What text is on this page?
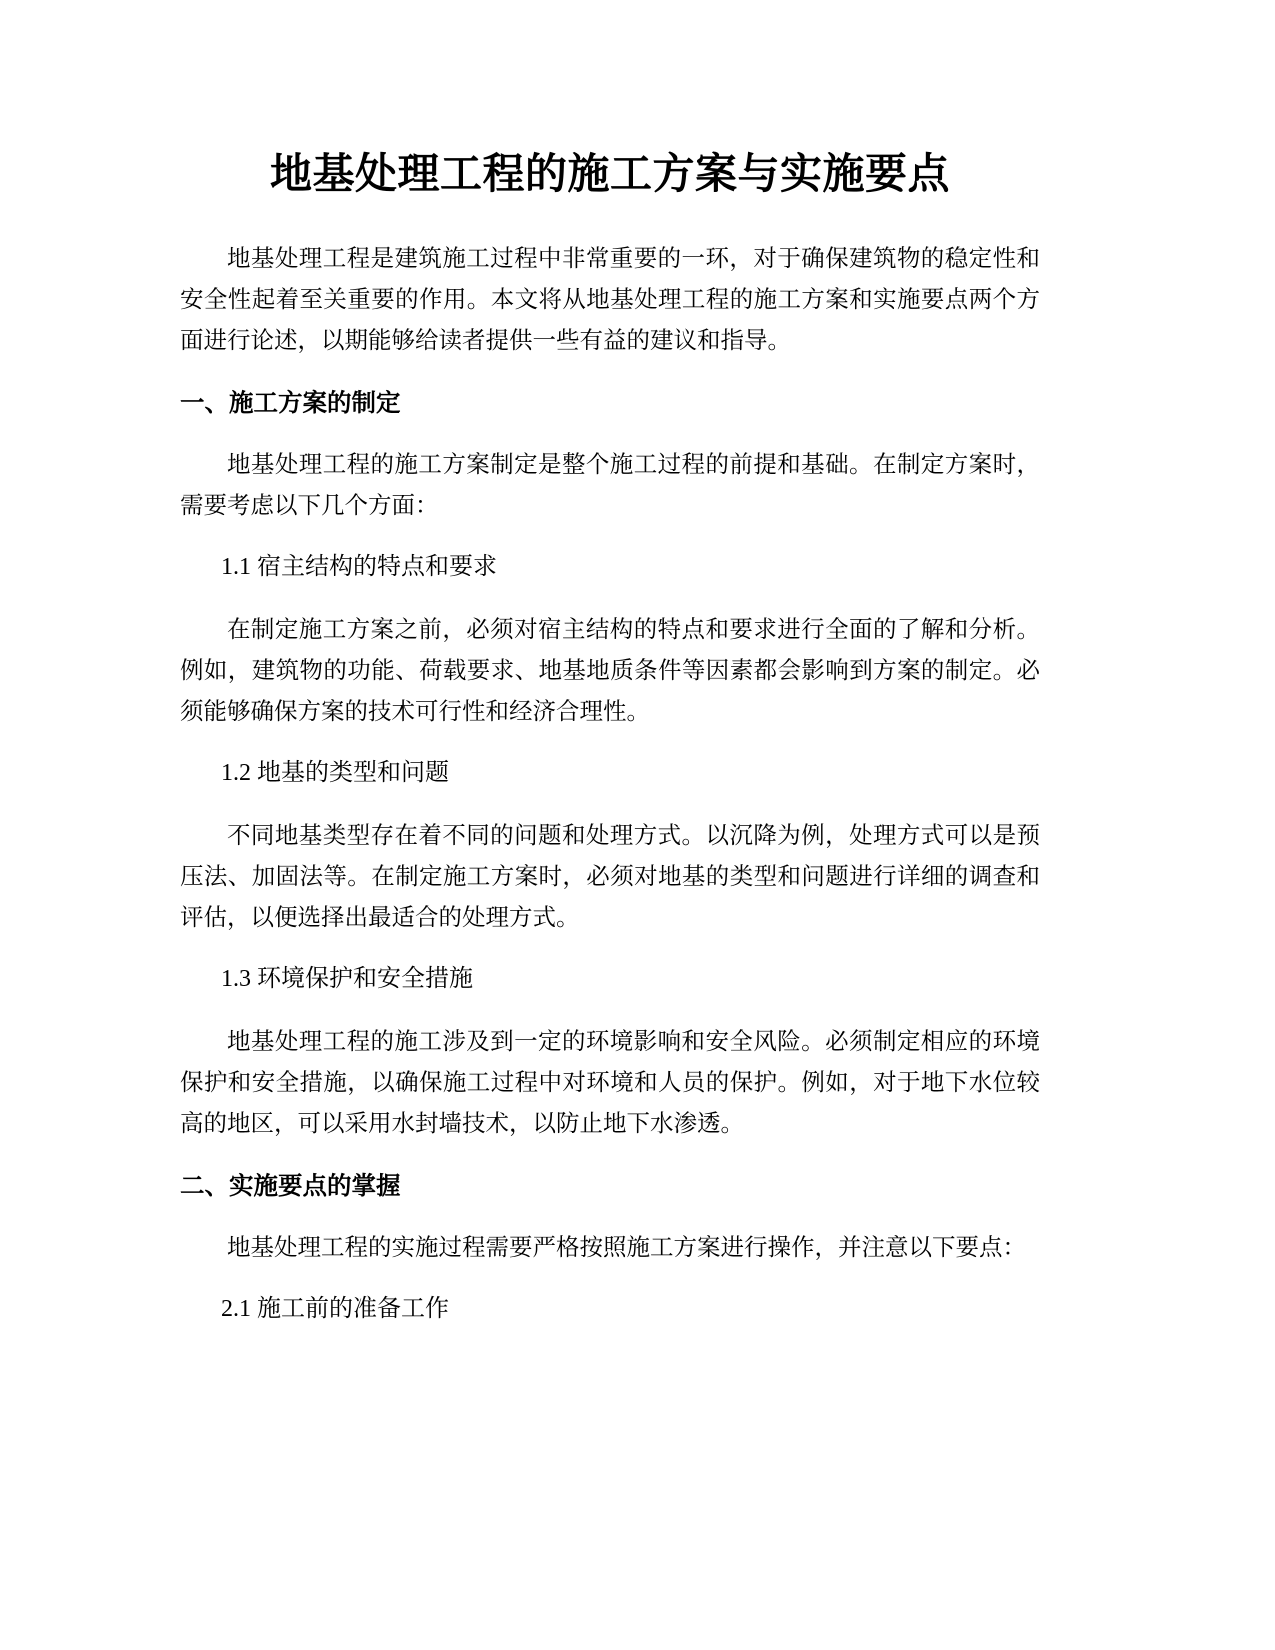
地基处理工程的施工方案与实施要点

地基处理工程是建筑施工过程中非常重要的一环，对于确保建筑物的稳定性和安全性起着至关重要的作用。本文将从地基处理工程的施工方案和实施要点两个方面进行论述，以期能够给读者提供一些有益的建议和指导。

一、施工方案的制定

地基处理工程的施工方案制定是整个施工过程的前提和基础。在制定方案时，需要考虑以下几个方面：

1.1 宿主结构的特点和要求

在制定施工方案之前，必须对宿主结构的特点和要求进行全面的了解和分析。例如，建筑物的功能、荷载要求、地基地质条件等因素都会影响到方案的制定。必须能够确保方案的技术可行性和经济合理性。

1.2 地基的类型和问题

不同地基类型存在着不同的问题和处理方式。以沉降为例，处理方式可以是预压法、加固法等。在制定施工方案时，必须对地基的类型和问题进行详细的调查和评估，以便选择出最适合的处理方式。

1.3 环境保护和安全措施

地基处理工程的施工涉及到一定的环境影响和安全风险。必须制定相应的环境保护和安全措施，以确保施工过程中对环境和人员的保护。例如，对于地下水位较高的地区，可以采用水封墙技术，以防止地下水渗透。

二、实施要点的掌握

地基处理工程的实施过程需要严格按照施工方案进行操作，并注意以下要点：

2.1 施工前的准备工作
